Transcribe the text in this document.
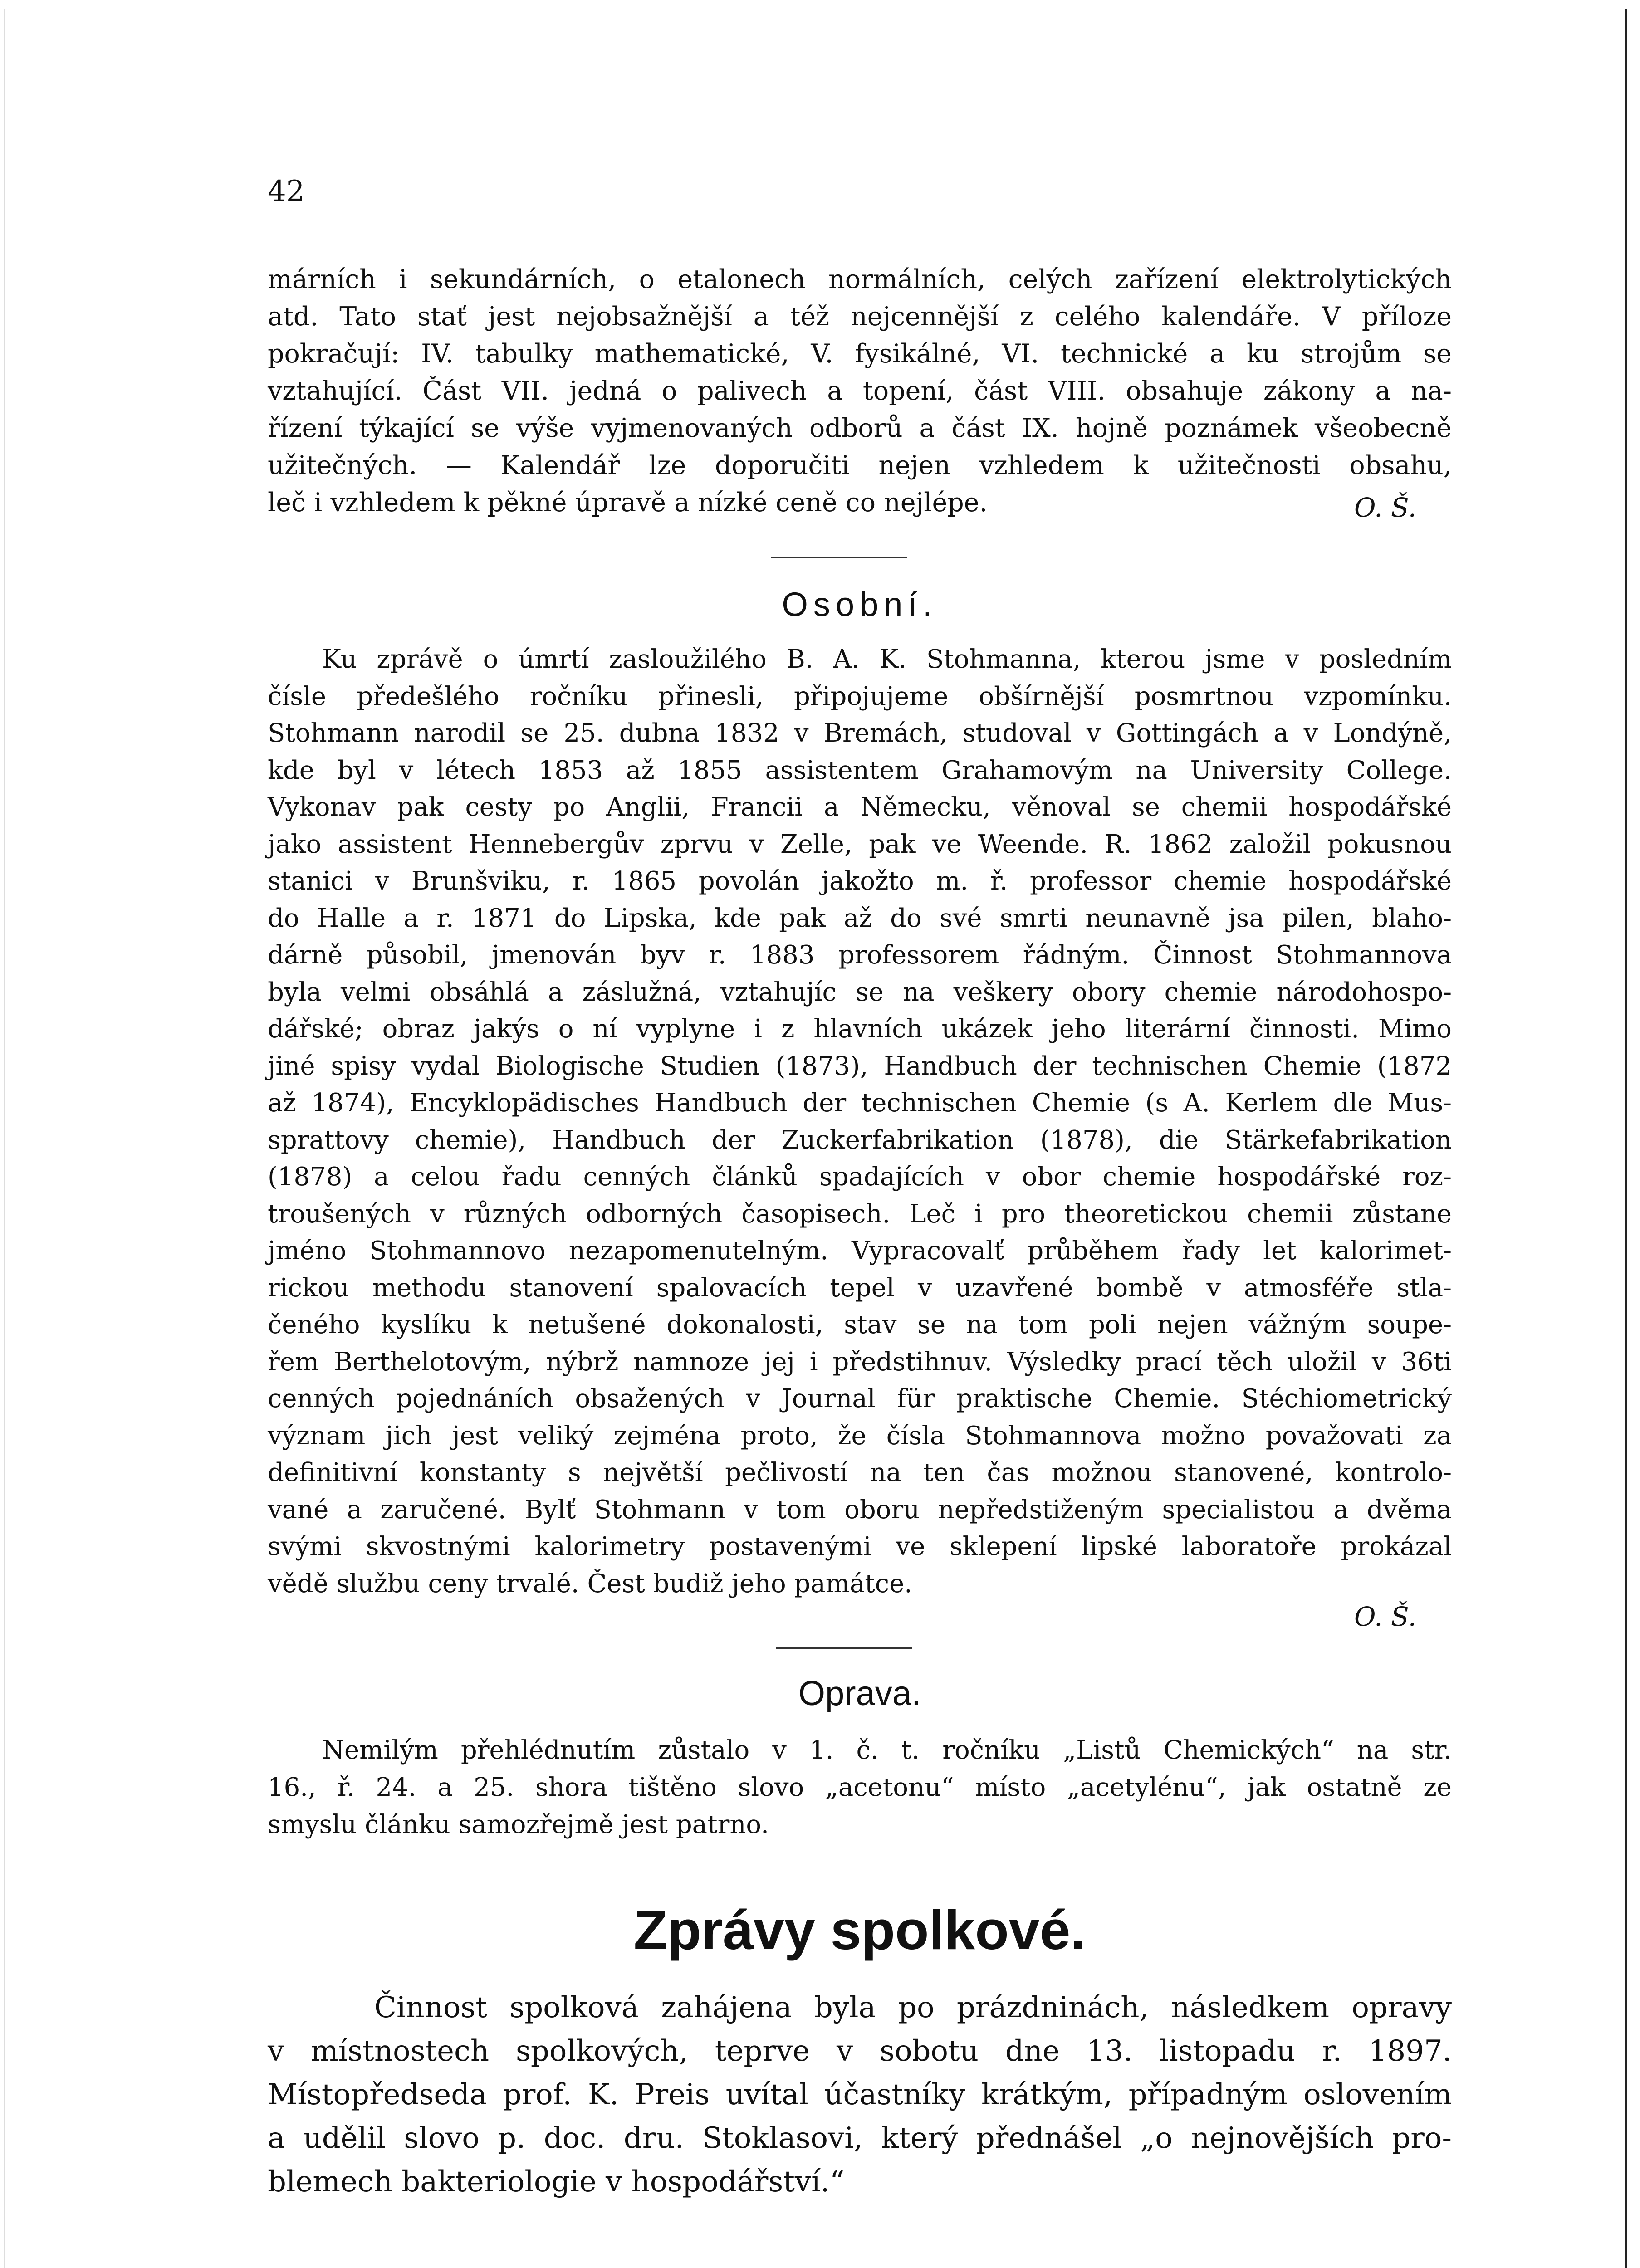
42
márních i sekundárních, o etalonech normálních, celých zařízení elektrolytických
atd. Tato stať jest nejobsažnější a též nejcennější z celého kalendáře. V příloze
pokračují: IV. tabulky mathematické, V. fysikálné, VI. technické a ku strojům se
vztahující. Část VII. jedná o palivech a topení, část VIII. obsahuje zákony a na-
řízení týkající se výše vyjmenovaných odborů a část IX. hojně poznámek všeobecně
užitečných. — Kalendář lze doporučiti nejen vzhledem k užitečnosti obsahu,
leč i vzhledem k pěkné úpravě a nízké ceně co nejlépe.	O. Š.
Osobní.
Ku zprávě o úmrtí zasloužilého B. A. K. Stohmanna, kterou jsme v posledním
čísle předešlého ročníku přinesli, připojujeme obšírnější posmrtnou vzpomínku.
Stohmann narodil se 25. dubna 1832 v Bremách, studoval v Gottingách a v Londýně,
kde byl v létech 1853 až 1855 assistentem Grahamovým na University College.
Vykonav pak cesty po Anglii, Francii a Německu, věnoval se chemii hospodářské
jako assistent Hennebergův zprvu v Zelle, pak ve Weende. R. 1862 založil pokusnou
stanici v Brunšviku, r. 1865 povolán jakožto m. ř. professor chemie hospodářské
do Halle a r. 1871 do Lipska, kde pak až do své smrti neunavně jsa pilen, blaho-
dárně působil, jmenován byv r. 1883 professorem řádným. Činnost Stohmannova
byla velmi obsáhlá a záslužná, vztahujíc se na veškery obory chemie národohospo-
dářské; obraz jakýs o ní vyplyne i z hlavních ukázek jeho literární činnosti. Mimo
jiné spisy vydal Biologische Studien (1873), Handbuch der technischen Chemie (1872
až 1874), Encyklopädisches Handbuch der technischen Chemie (s A. Kerlem dle Mus-
sprattovy chemie), Handbuch der Zuckerfabrikation (1878), die Stärkefabrikation
(1878) a celou řadu cenných článků spadajících v obor chemie hospodářské roz-
troušených v různých odborných časopisech. Leč i pro theoretickou chemii zůstane
jméno Stohmannovo nezapomenutelným. Vypracovalť průběhem řady let kalorimet-
rickou methodu stanovení spalovacích tepel v uzavřené bombě v atmosféře stla-
čeného kyslíku k netušené dokonalosti, stav se na tom poli nejen vážným soupe-
řem Berthelotovým, nýbrž namnoze jej i předstihnuv. Výsledky prací těch uložil v 36ti
cenných pojednáních obsažených v Journal für praktische Chemie. Stéchiometrický
význam jich jest veliký zejména proto, že čísla Stohmannova možno považovati za
definitivní konstanty s největší pečlivostí na ten čas možnou stanovené, kontrolo-
vané a zaručené. Bylť Stohmann v tom oboru nepředstiženým specialistou a dvěma
svými skvostnými kalorimetry postavenými ve sklepení lipské laboratoře prokázal
vědě službu ceny trvalé. Čest budiž jeho památce.
O. Š.
Oprava.
Nemilým přehlédnutím zůstalo v 1. č. t. ročníku „Listů Chemických“ na str.
16., ř. 24. a 25. shora tištěno slovo „acetonu“ místo „acetylénu“, jak ostatně ze
smyslu článku samozřejmě jest patrno.
Zprávy spolkové.
Činnost spolková zahájena byla po prázdninách, následkem opravy
v místnostech spolkových, teprve v sobotu dne 13. listopadu r. 1897.
Místopředseda prof. K. Preis uvítal účastníky krátkým, případným oslovením
a udělil slovo p. doc. dru. Stoklasovi, který přednášel „o nejnovějších pro-
blemech bakteriologie v hospodářství.“
